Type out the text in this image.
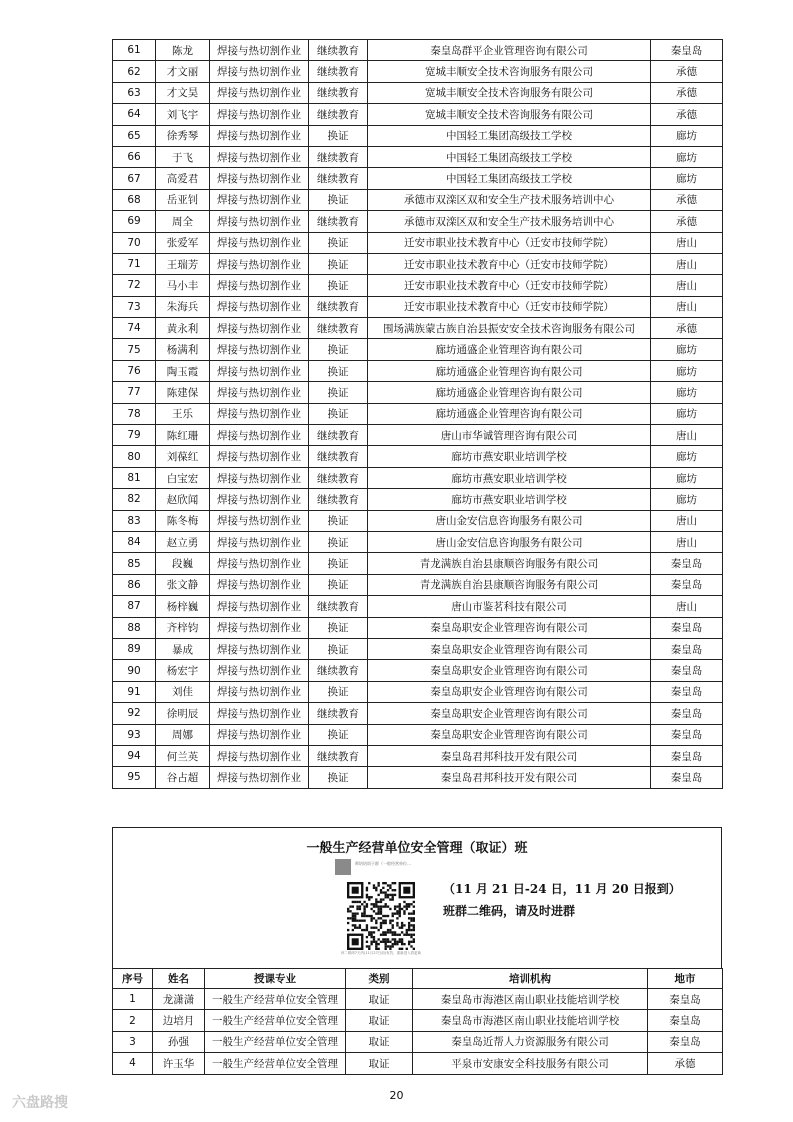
61	陈龙	焊接与热切割作业	继续教育	秦皇岛群平企业管理咨询有限公司	秦皇岛
62	才文丽	焊接与热切割作业	继续教育	宽城丰顺安全技术咨询服务有限公司	承德
63	才文昊	焊接与热切割作业	继续教育	宽城丰顺安全技术咨询服务有限公司	承德
64	刘飞宇	焊接与热切割作业	继续教育	宽城丰顺安全技术咨询服务有限公司	承德
65	徐秀琴	焊接与热切割作业	换证	中国轻工集团高级技工学校	廊坊
66	于飞	焊接与热切割作业	继续教育	中国轻工集团高级技工学校	廊坊
67	高爱君	焊接与热切割作业	继续教育	中国轻工集团高级技工学校	廊坊
68	岳亚钊	焊接与热切割作业	换证	承德市双滦区双和安全生产技术服务培训中心	承德
69	周全	焊接与热切割作业	继续教育	承德市双滦区双和安全生产技术服务培训中心	承德
70	张爱军	焊接与热切割作业	换证	迁安市职业技术教育中心（迁安市技师学院）	唐山
71	王瑞芳	焊接与热切割作业	换证	迁安市职业技术教育中心（迁安市技师学院）	唐山
72	马小丰	焊接与热切割作业	换证	迁安市职业技术教育中心（迁安市技师学院）	唐山
73	朱海兵	焊接与热切割作业	继续教育	迁安市职业技术教育中心（迁安市技师学院）	唐山
74	黄永利	焊接与热切割作业	继续教育	围场满族蒙古族自治县振安安全技术咨询服务有限公司	承德
75	杨满利	焊接与热切割作业	换证	廊坊通盛企业管理咨询有限公司	廊坊
76	陶玉霞	焊接与热切割作业	换证	廊坊通盛企业管理咨询有限公司	廊坊
77	陈建保	焊接与热切割作业	换证	廊坊通盛企业管理咨询有限公司	廊坊
78	王乐	焊接与热切割作业	换证	廊坊通盛企业管理咨询有限公司	廊坊
79	陈红珊	焊接与热切割作业	继续教育	唐山市华诚管理咨询有限公司	唐山
80	刘葆红	焊接与热切割作业	继续教育	廊坊市燕安职业培训学校	廊坊
81	白宝宏	焊接与热切割作业	继续教育	廊坊市燕安职业培训学校	廊坊
82	赵欣闻	焊接与热切割作业	继续教育	廊坊市燕安职业培训学校	廊坊
83	陈冬梅	焊接与热切割作业	换证	唐山金安信息咨询服务有限公司	唐山
84	赵立勇	焊接与热切割作业	换证	唐山金安信息咨询服务有限公司	唐山
85	段巍	焊接与热切割作业	换证	青龙满族自治县康顺咨询服务有限公司	秦皇岛
86	张文静	焊接与热切割作业	换证	青龙满族自治县康顺咨询服务有限公司	秦皇岛
87	杨梓巍	焊接与热切割作业	继续教育	唐山市鉴茗科技有限公司	唐山
88	齐梓钧	焊接与热切割作业	换证	秦皇岛职安企业管理咨询有限公司	秦皇岛
89	暴成	焊接与热切割作业	换证	秦皇岛职安企业管理咨询有限公司	秦皇岛
90	杨宏宇	焊接与热切割作业	继续教育	秦皇岛职安企业管理咨询有限公司	秦皇岛
91	刘佳	焊接与热切割作业	换证	秦皇岛职安企业管理咨询有限公司	秦皇岛
92	徐明辰	焊接与热切割作业	继续教育	秦皇岛职安企业管理咨询有限公司	秦皇岛
93	周娜	焊接与热切割作业	换证	秦皇岛职安企业管理咨询有限公司	秦皇岛
94	何兰英	焊接与热切割作业	继续教育	秦皇岛君邦科技开发有限公司	秦皇岛
95	谷占超	焊接与热切割作业	换证	秦皇岛君邦科技开发有限公司	秦皇岛
一般生产经营单位安全管理（取证）班
师培培训于群（一般经营单位…
该二维码7天内(11月27日前)有效，重新进入将更新
（11 月 21 日-24 日，11 月 20 日报到）
班群二维码，请及时进群
序号	姓名	授课专业	类别	培训机构	地市
1	龙潇潇	一般生产经营单位安全管理	取证	秦皇岛市海港区南山职业技能培训学校	秦皇岛
2	边培月	一般生产经营单位安全管理	取证	秦皇岛市海港区南山职业技能培训学校	秦皇岛
3	孙强	一般生产经营单位安全管理	取证	秦皇岛近帮人力资源服务有限公司	秦皇岛
4	许玉华	一般生产经营单位安全管理	取证	平泉市安康安全科技服务有限公司	承德
20
六盘路搜
